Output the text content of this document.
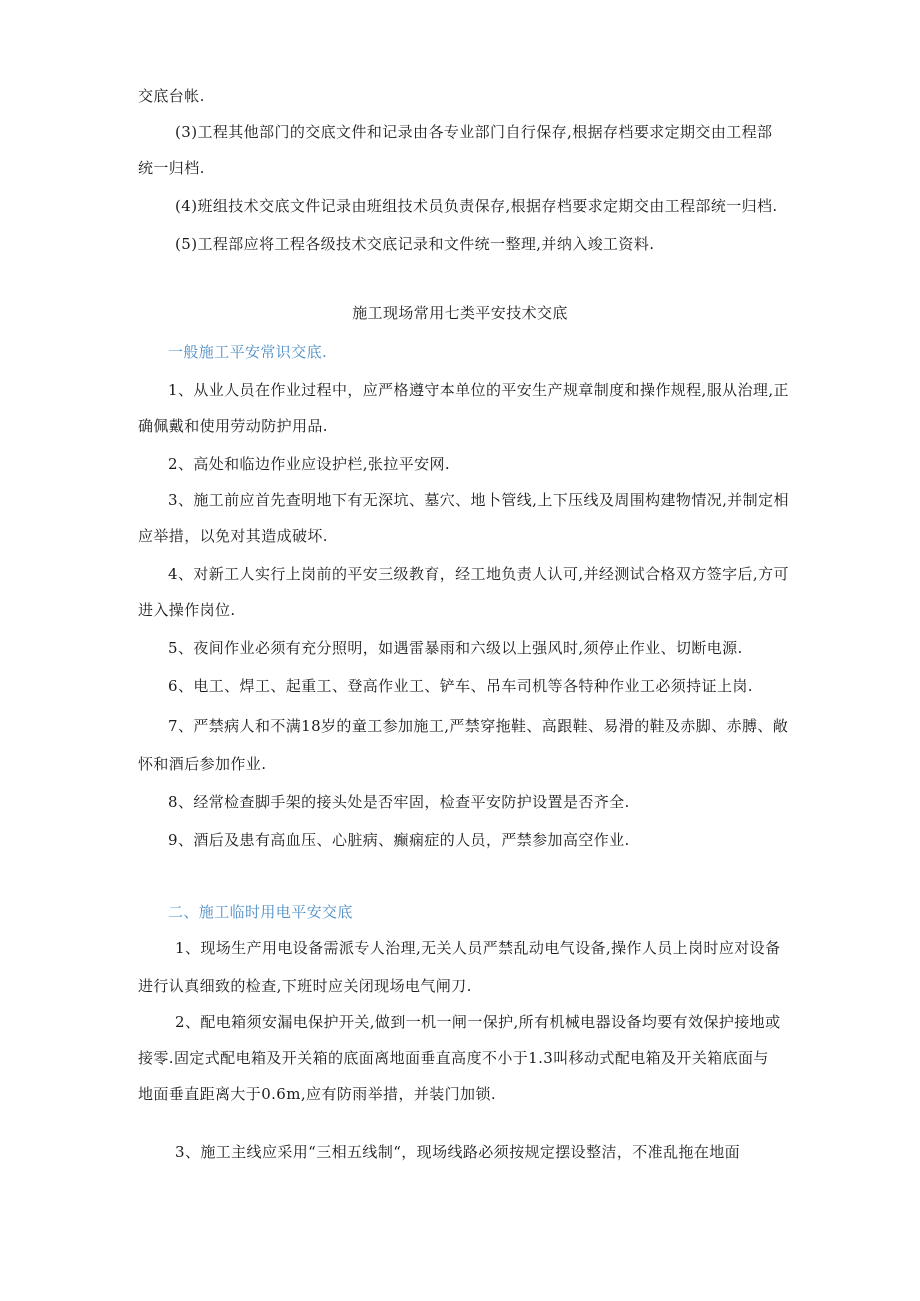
交底台帐.
(3)工程其他部门的交底文件和记录由各专业部门自行保存,根据存档要求定期交由工程部
统一归档.
(4)班组技术交底文件记录由班组技术员负责保存,根据存档要求定期交由工程部统一归档.
(5)工程部应将工程各级技术交底记录和文件统一整理,并纳入竣工资料.
施工现场常用七类平安技术交底
一般施工平安常识交底.
1、从业人员在作业过程中，应严格遵守本单位的平安生产规章制度和操作规程,服从治理,正
确佩戴和使用劳动防护用品.
2、高处和临边作业应设护栏,张拉平安网.
3、施工前应首先查明地下有无深坑、墓穴、地卜管线,上下压线及周围构建物情况,并制定相
应举措，以免对其造成破坏.
4、对新工人实行上岗前的平安三级教育，经工地负责人认可,并经测试合格双方签字后,方可
进入操作岗位.
5、夜间作业必须有充分照明，如遇雷暴雨和六级以上强风时,须停止作业、切断电源.
6、电工、焊工、起重工、登高作业工、铲车、吊车司机等各特种作业工必须持证上岗.
7、严禁病人和不满18岁的童工参加施工,严禁穿拖鞋、高跟鞋、易滑的鞋及赤脚、赤膊、敞
怀和酒后参加作业.
8、经常检查脚手架的接头处是否牢固，检查平安防护设置是否齐全.
9、酒后及患有高血压、心脏病、癫痫症的人员，严禁参加高空作业.
二、施工临时用电平安交底
1、现场生产用电设备需派专人治理,无关人员严禁乱动电气设备,操作人员上岗时应对设备
进行认真细致的检查,下班时应关闭现场电气闸刀.
2、配电箱须安漏电保护开关,做到一机一闸一保护,所有机械电器设备均要有效保护接地或
接零.固定式配电箱及开关箱的底面离地面垂直高度不小于1.3叫移动式配电箱及开关箱底面与
地面垂直距离大于0.6m,应有防雨举措，并装门加锁.
3、施工主线应采用“三相五线制“，现场线路必须按规定摆设整洁，不准乱拖在地面
